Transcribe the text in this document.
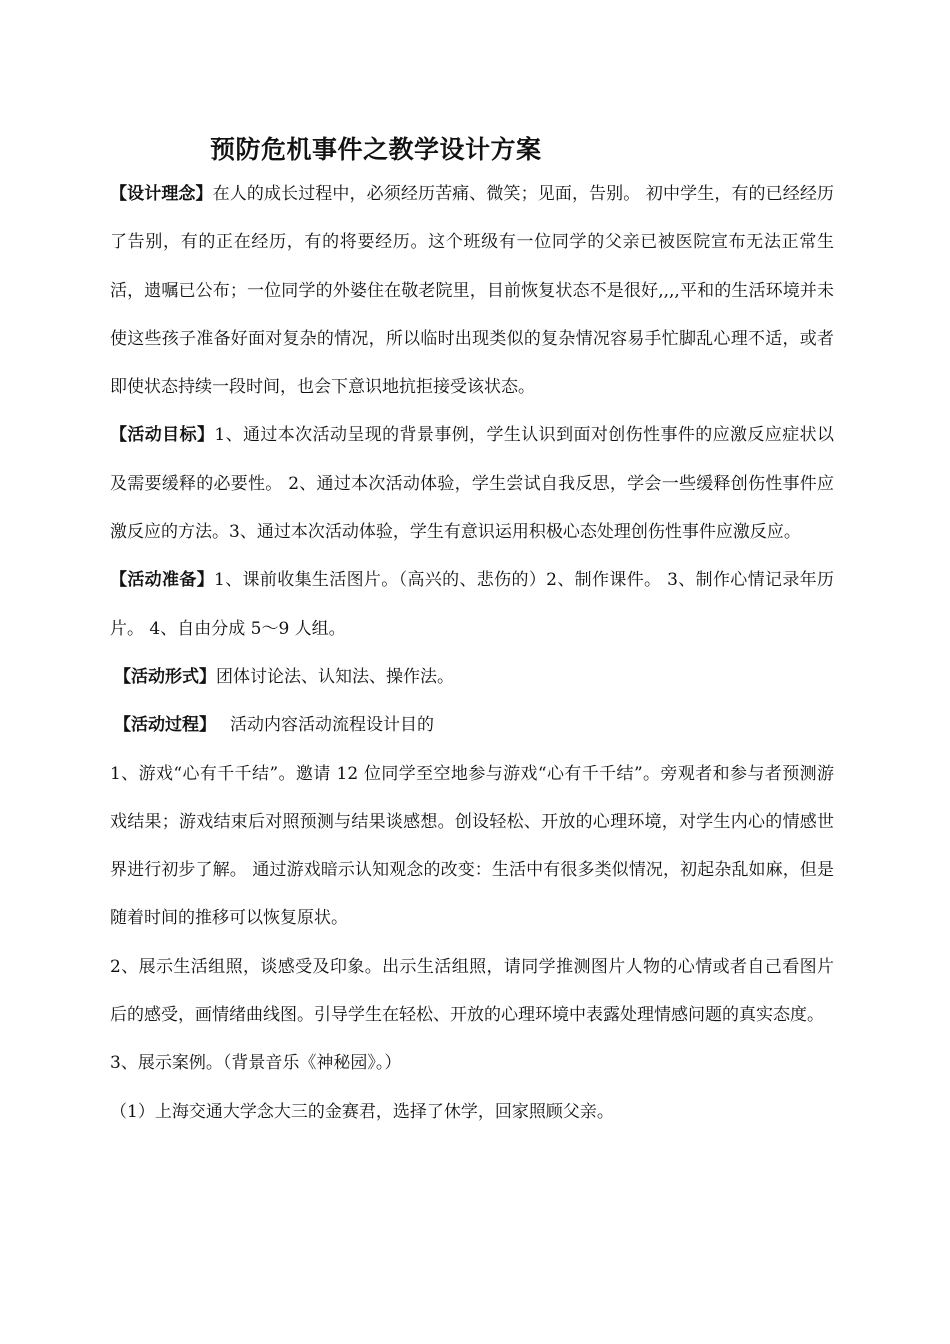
预防危机事件之教学设计方案

【设计理念】在人的成长过程中，必须经历苦痛、微笑；见面，告别。 初中学生，有的已经经历了告别，有的正在经历，有的将要经历。这个班级有一位同学的父亲已被医院宣布无法正常生活，遗嘱已公布；一位同学的外婆住在敬老院里，目前恢复状态不是很好,,,,平和的生活环境并未使这些孩子准备好面对复杂的情况，所以临时出现类似的复杂情况容易手忙脚乱心理不适，或者即使状态持续一段时间，也会下意识地抗拒接受该状态。

【活动目标】1、通过本次活动呈现的背景事例，学生认识到面对创伤性事件的应激反应症状以及需要缓释的必要性。 2、通过本次活动体验，学生尝试自我反思，学会一些缓释创伤性事件应激反应的方法。3、通过本次活动体验，学生有意识运用积极心态处理创伤性事件应激反应。

【活动准备】1、课前收集生活图片。（高兴的、悲伤的）2、制作课件。 3、制作心情记录年历片。 4、自由分成 5～9 人组。

【活动形式】团体讨论法、认知法、操作法。

【活动过程】 活动内容活动流程设计目的

1、游戏“心有千千结”。邀请 12 位同学至空地参与游戏“心有千千结”。旁观者和参与者预测游戏结果；游戏结束后对照预测与结果谈感想。创设轻松、开放的心理环境，对学生内心的情感世界进行初步了解。 通过游戏暗示认知观念的改变：生活中有很多类似情况，初起杂乱如麻，但是随着时间的推移可以恢复原状。

2、展示生活组照，谈感受及印象。出示生活组照，请同学推测图片人物的心情或者自己看图片后的感受，画情绪曲线图。引导学生在轻松、开放的心理环境中表露处理情感问题的真实态度。

3、展示案例。（背景音乐《神秘园》。）

（1）上海交通大学念大三的金赛君，选择了休学，回家照顾父亲。
